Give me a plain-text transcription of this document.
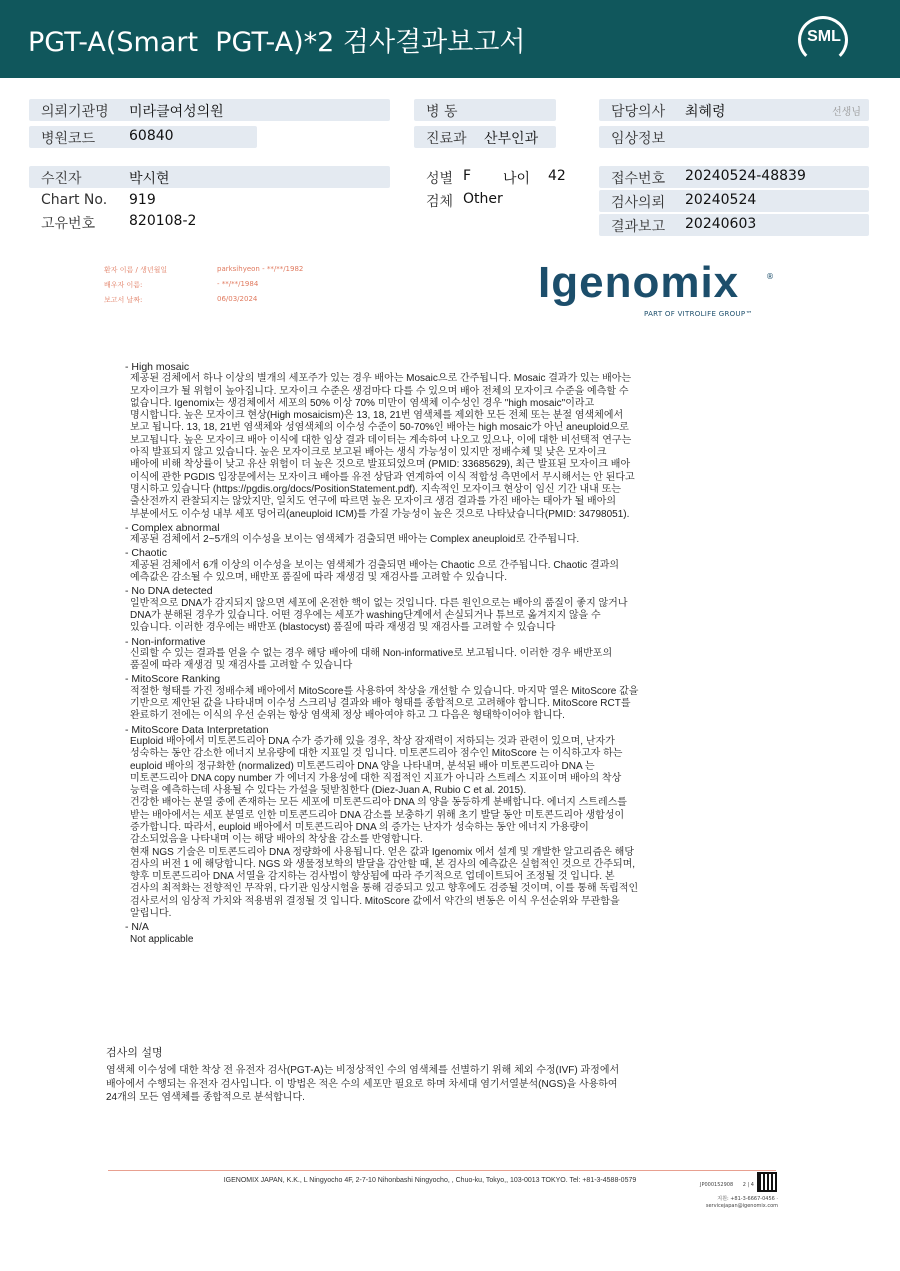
PGT-A(Smart  PGT-A)*2 검사결과보고서	SML
의뢰기관명 미라클여성의원
병원코드 60840
병 동
진료과 산부인과
담당의사 최혜령	선생님
임상정보
수진자	박시현
Chart No. 919
고유번호 820108-2
성별 F 나이 42
검체 Other
접수번호 20240524-48839
검사의뢰 20240524
결과보고 20240603
환자 이름 / 생년월일	parksihyeon - **/**/1982
배우자 이름:	- **/**/1984
보고서 날짜:	06/03/2024	Igenomix	®
PART OF VITROLIFE GROUP™
- High mosaic
제공된 검체에서 하나 이상의 별개의 세포주가 있는 경우 배아는 Mosaic으로 간주됩니다. Mosaic 결과가 있는 배아는
모자이크가 될 위험이 높아집니다. 모자이크 수준은 생검마다 다를 수 있으며 배아 전체의 모자이크 수준을 예측할 수
없습니다. Igenomix는 생검체에서 세포의 50% 이상 70% 미만이 염색체 이수성인 경우 "high mosaic"이라고
명시합니다. 높은 모자이크 현상(High mosaicism)은 13, 18, 21번 염색체를 제외한 모든 전체 또는 분절 염색체에서
보고 됩니다. 13, 18, 21번 염색체와 성염색체의 이수성 수준이 50-70%인 배아는 high mosaic가 아닌 aneuploid으로
보고됩니다. 높은 모자이크 배아 이식에 대한 임상 결과 데이터는 계속하여 나오고 있으나, 이에 대한 비선택적 연구는
아직 발표되지 않고 있습니다. 높은 모자이크로 보고된 배아는 생식 가능성이 있지만 정배수체 및 낮은 모자이크
배아에 비해 착상률이 낮고 유산 위험이 더 높은 것으로 발표되었으며 (PMID: 33685629), 최근 발표된 모자이크 배아
이식에 관한 PGDIS 입장문에서는 모자이크 배아를 유전 상담과 연계하여 이식 적합성 측면에서 무시해서는 안 된다고
명시하고 있습니다 (https://pgdis.org/docs/PositionStatement.pdf). 지속적인 모자이크 현상이 임신 기간 내내 또는
출산전까지 관찰되지는 않았지만, 일치도 연구에 따르면 높은 모자이크 생검 결과를 가진 배아는 태아가 될 배아의
부분에서도 이수성 내부 세포 덩어리(aneuploid ICM)를 가질 가능성이 높은 것으로 나타났습니다(PMID: 34798051).
- Complex abnormal
제공된 검체에서 2~5개의 이수성을 보이는 염색체가 검출되면 배아는 Complex aneuploid로 간주됩니다.
- Chaotic
제공된 검체에서 6개 이상의 이수성을 보이는 염색체가 검출되면 배아는 Chaotic 으로 간주됩니다. Chaotic 결과의
예측값은 감소될 수 있으며, 배반포 품질에 따라 재생검 및 재검사를 고려할 수 있습니다.
- No DNA detected
일반적으로 DNA가 감지되지 않으면 세포에 온전한 핵이 없는 것입니다. 다른 원인으로는 배아의 품질이 좋지 않거나
DNA가 분해된 경우가 있습니다. 어떤 경우에는 세포가 washing단계에서 손실되거나 튜브로 옮겨지지 않을 수
있습니다. 이러한 경우에는 배반포 (blastocyst) 품질에 따라 재생검 및 재검사를 고려할 수 있습니다
- Non-informative
신뢰할 수 있는 결과를 얻을 수 없는 경우 해당 배아에 대해 Non-informative로 보고됩니다. 이러한 경우 배반포의
품질에 따라 재생검 및 재검사를 고려할 수 있습니다
- MitoScore Ranking
적절한 형태를 가진 정배수체 배아에서 MitoScore를 사용하여 착상을 개선할 수 있습니다. 마지막 열은 MitoScore 값을
기반으로 제안된 값을 나타내며 이수성 스크리닝 결과와 배아 형태를 종합적으로 고려해야 합니다. MitoScore RCT를
완료하기 전에는 이식의 우선 순위는 항상 염색체 정상 배아여야 하고 그 다음은 형태학이어야 합니다.
- MitoScore Data Interpretation
Euploid 배아에서 미토콘드리아 DNA 수가 증가해 있을 경우, 착상 잠재력이 저하되는 것과 관련이 있으며, 난자가
성숙하는 동안 감소한 에너지 보유량에 대한 지표일 것 입니다. 미토콘드리아 점수인 MitoScore 는 이식하고자 하는
euploid 배아의 정규화한 (normalized) 미토콘드리아 DNA 양을 나타내며, 분석된 배아 미토콘드리아 DNA 는
미토콘드리아 DNA copy number 가 에너지 가용성에 대한 직접적인 지표가 아니라 스트레스 지표이며 배아의 착상
능력을 예측하는데 사용될 수 있다는 가설을 뒷받침한다 (Diez-Juan A, Rubio C et al. 2015).
건강한 배아는 분열 중에 존재하는 모든 세포에 미토콘드리아 DNA 의 양을 동등하게 분배합니다. 에너지 스트레스를
받는 배아에서는 세포 분열로 인한 미토콘드리아 DNA 감소를 보충하기 위해 초기 발달 동안 미토콘드리아 생합성이
증가합니다. 따라서, euploid 배아에서 미토콘드리아 DNA 의 증가는 난자가 성숙하는 동안 에너지 가용량이
감소되었음을 나타내며 이는 해당 배아의 착상율 감소를 반영합니다.
현재 NGS 기술은 미토콘드리아 DNA 정량화에 사용됩니다. 얻은 값과 Igenomix 에서 설계 및 개발한 알고리즘은 해당
검사의 버전 1 에 해당합니다. NGS 와 생물정보학의 발달을 감안할 때, 본 검사의 예측값은 실험적인 것으로 간주되며,
향후 미토콘드리아 DNA 서열을 감지하는 검사법이 향상됨에 따라 주기적으로 업데이트되어 조정될 것 입니다. 본
검사의 최적화는 전향적인 무작위, 다기관 임상시험을 통해 검증되고 있고 향후에도 검증될 것이며, 이를 통해 독립적인
검사로서의 임상적 가치와 적용범위 결정될 것 입니다. MitoScore 값에서 약간의 변동은 이식 우선순위와 무관함을
알립니다.
- N/A
Not applicable
검사의 설명
염색체 이수성에 대한 착상 전 유전자 검사(PGT-A)는 비정상적인 수의 염색체를 선별하기 위해 체외 수정(IVF) 과정에서
배아에서 수행되는 유전자 검사입니다. 이 방법은 적은 수의 세포만 필요로 하며 차세대 염기서열분석(NGS)을 사용하여
24개의 모든 염색체를 종합적으로 분석합니다.
IGENOMIX JAPAN, K.K., L Ningyocho 4F, 2-7-10 Nihonbashi Ningyocho, , Chuo-ku, Tokyo,, 103-0013 TOKYO. Tel: +81-3-4588-0579
JP000152908 2 | 4
지원: +81-3-6667-0456 ·
servicejapan@igenomix.com
